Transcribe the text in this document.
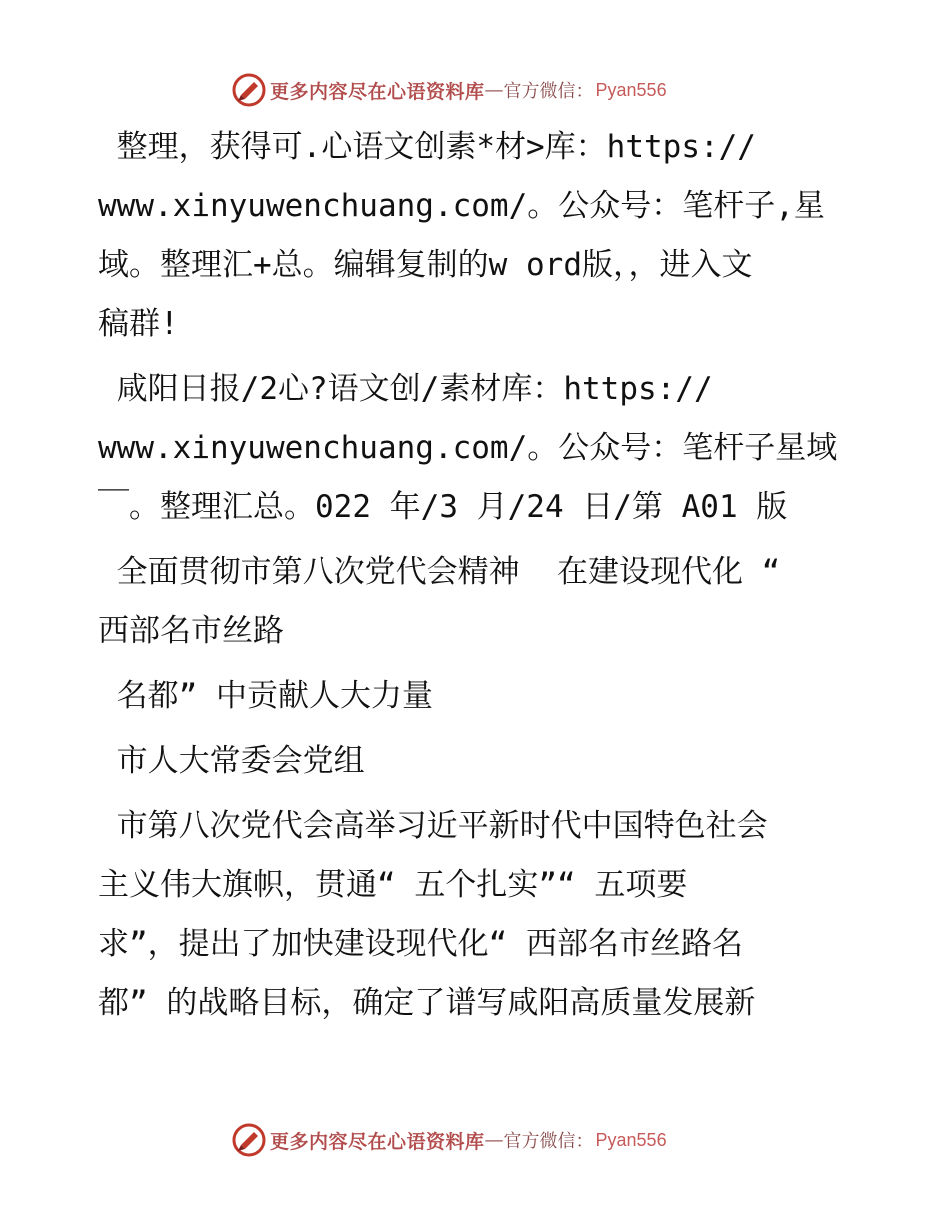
更多内容尽在心语资料库 — 官方微信： Pyan556

整理，获得可.心语文创素*材>库：https://
www.xinyuwenchuang.com/。公众号：笔杆子,星
域。整理汇+总。编辑复制的w ord版，，进入文
稿群!

咸阳日报/2心?语文创/素材库：https://
www.xinyuwenchuang.com/。公众号：笔杆子星域
￣。整理汇总。022 年/3 月/24 日/第 A01 版

全面贯彻市第八次党代会精神  在建设现代化 “
西部名市丝路

名都” 中贡献人大力量

市人大常委会党组

市第八次党代会高举习近平新时代中国特色社会
主义伟大旗帜，贯通“ 五个扎实”“ 五项要
求”，提出了加快建设现代化“ 西部名市丝路名
都” 的战略目标，确定了谱写咸阳高质量发展新

更多内容尽在心语资料库 — 官方微信： Pyan556
